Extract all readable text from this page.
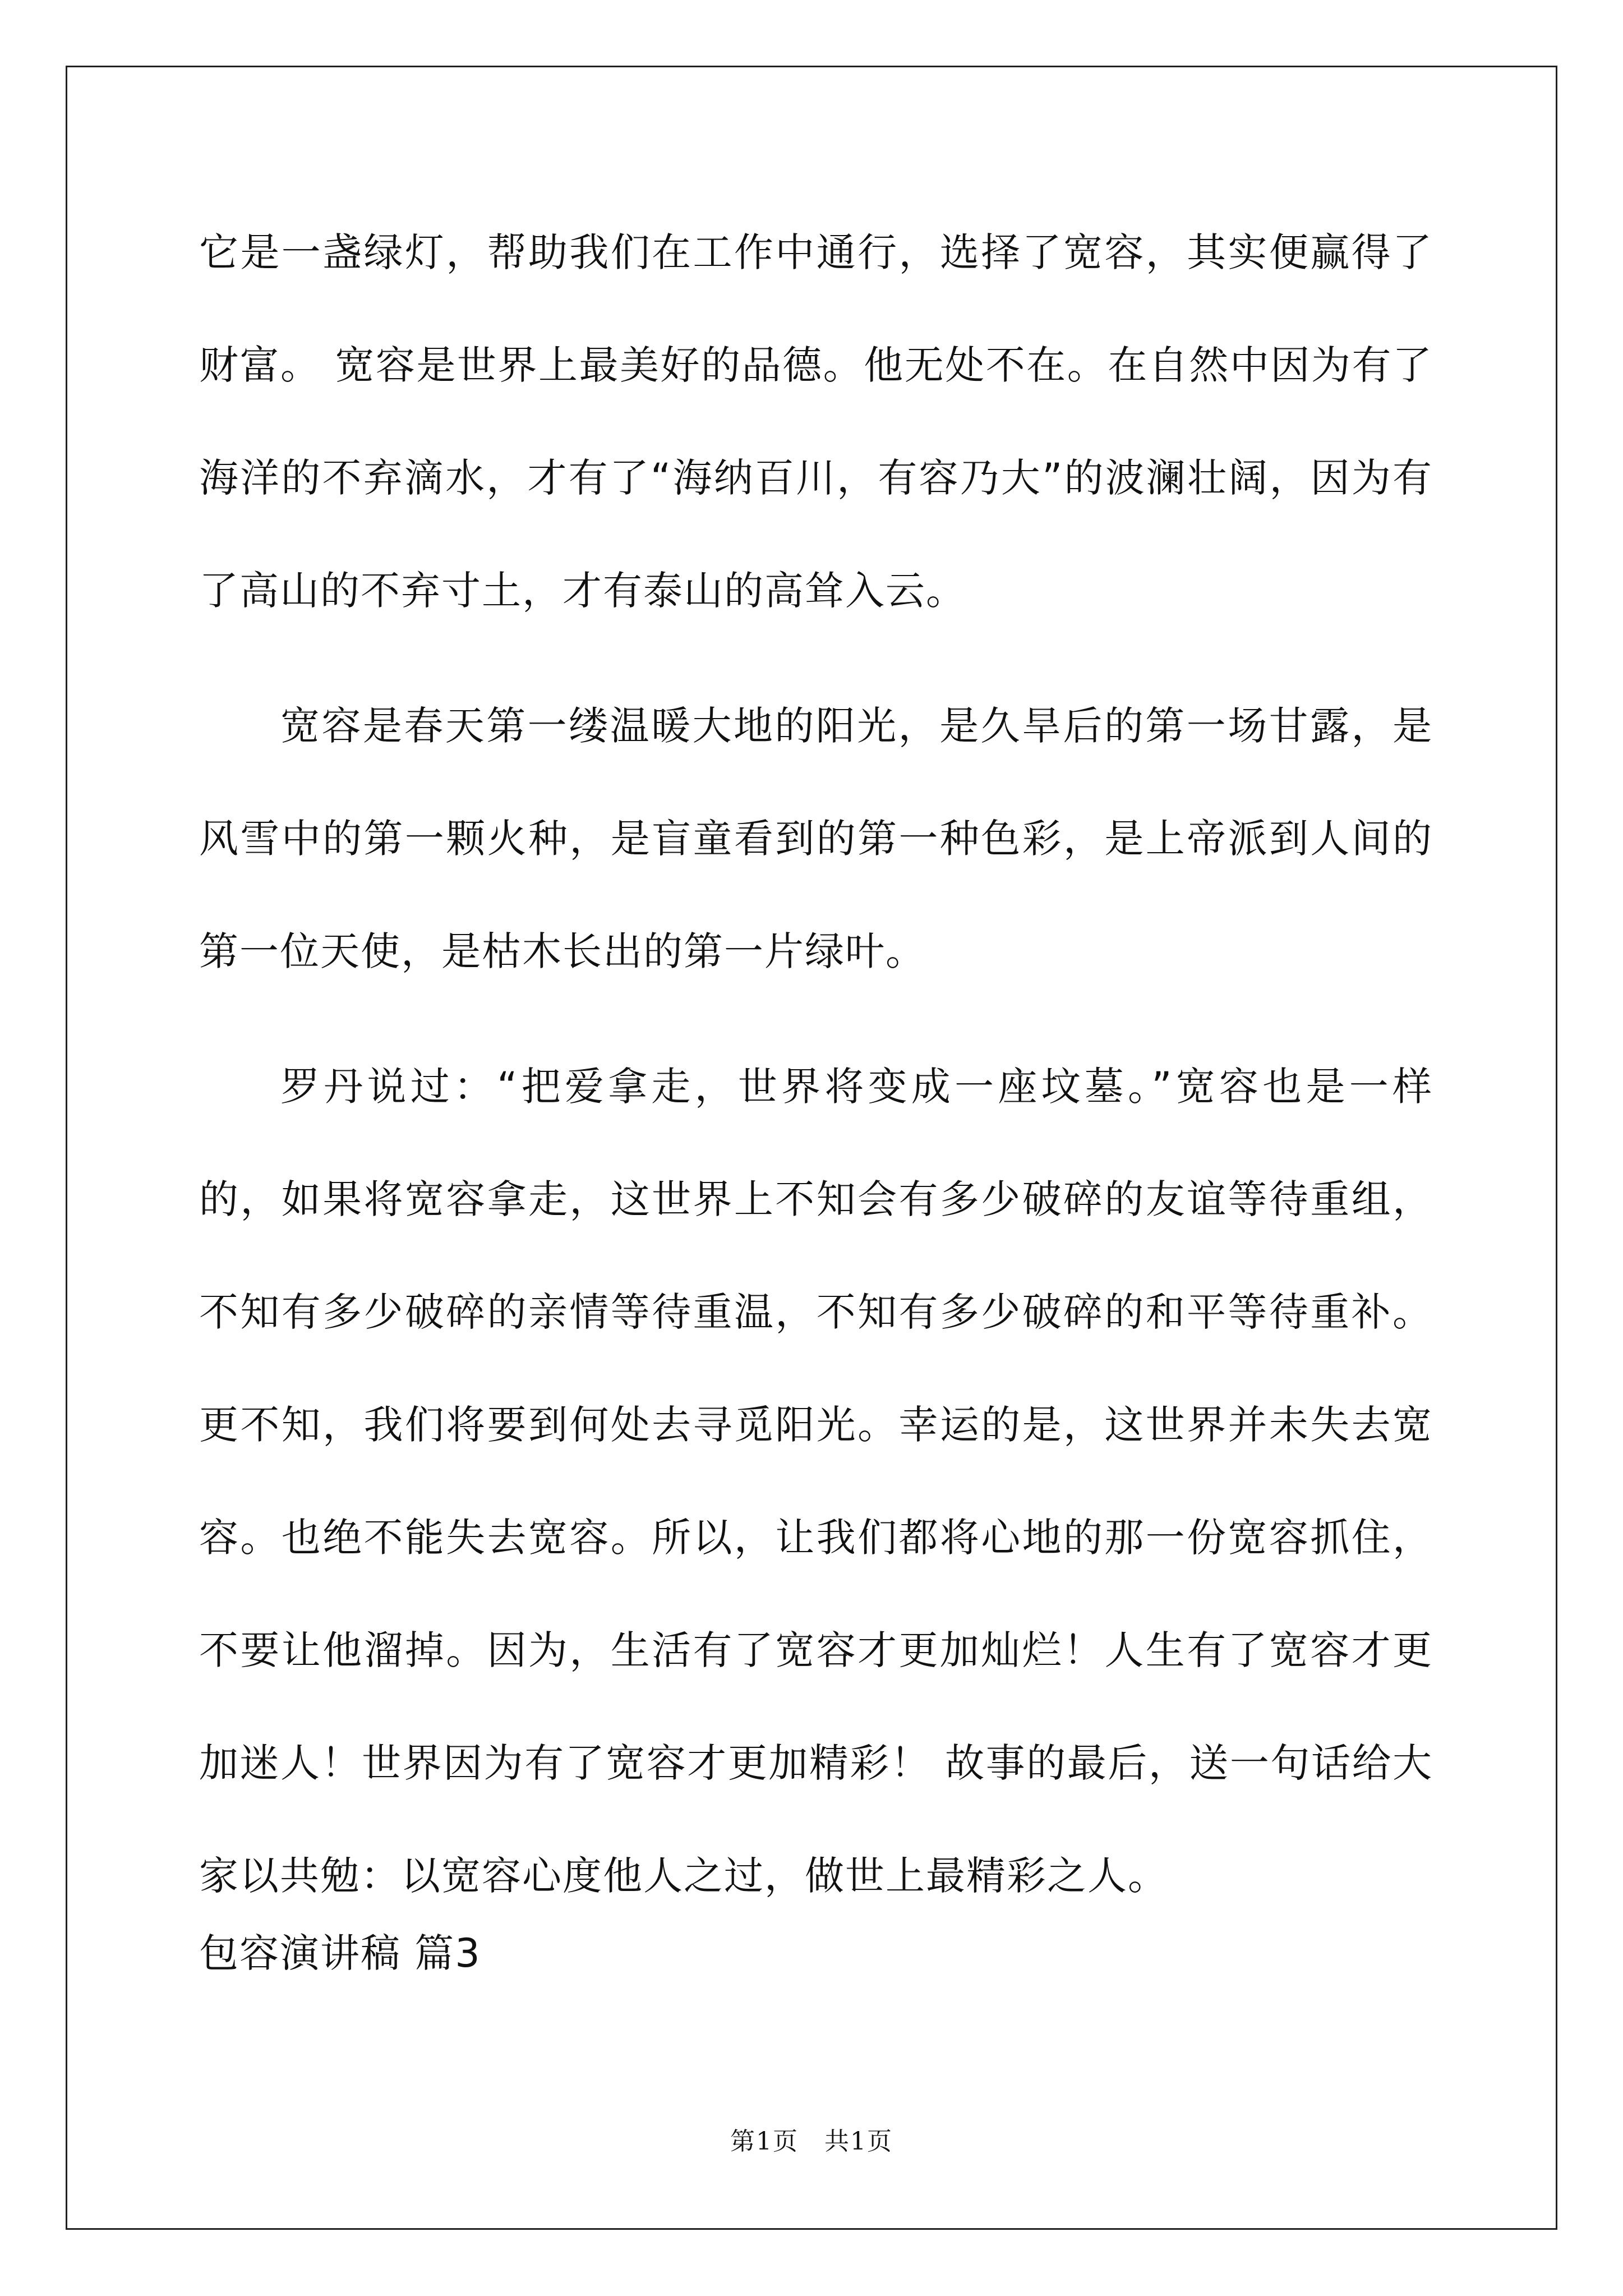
它是一盏绿灯，帮助我们在工作中通行，选择了宽容，其实便赢得了财富。 宽容是世界上最美好的品德。他无处不在。在自然中因为有了海洋的不弃滴水，才有了“海纳百川，有容乃大”的波澜壮阔，因为有了高山的不弃寸土，才有泰山的高耸入云。

宽容是春天第一缕温暖大地的阳光，是久旱后的第一场甘露，是风雪中的第一颗火种，是盲童看到的第一种色彩，是上帝派到人间的第一位天使，是枯木长出的第一片绿叶。

罗丹说过：“把爱拿走，世界将变成一座坟墓。”宽容也是一样的，如果将宽容拿走，这世界上不知会有多少破碎的友谊等待重组，不知有多少破碎的亲情等待重温，不知有多少破碎的和平等待重补。更不知，我们将要到何处去寻觅阳光。幸运的是，这世界并未失去宽容。也绝不能失去宽容。所以，让我们都将心地的那一份宽容抓住，不要让他溜掉。因为，生活有了宽容才更加灿烂！人生有了宽容才更加迷人！世界因为有了宽容才更加精彩！ 故事的最后，送一句话给大家以共勉：以宽容心度他人之过，做世上最精彩之人。

包容演讲稿 篇3
第1页　共1页
